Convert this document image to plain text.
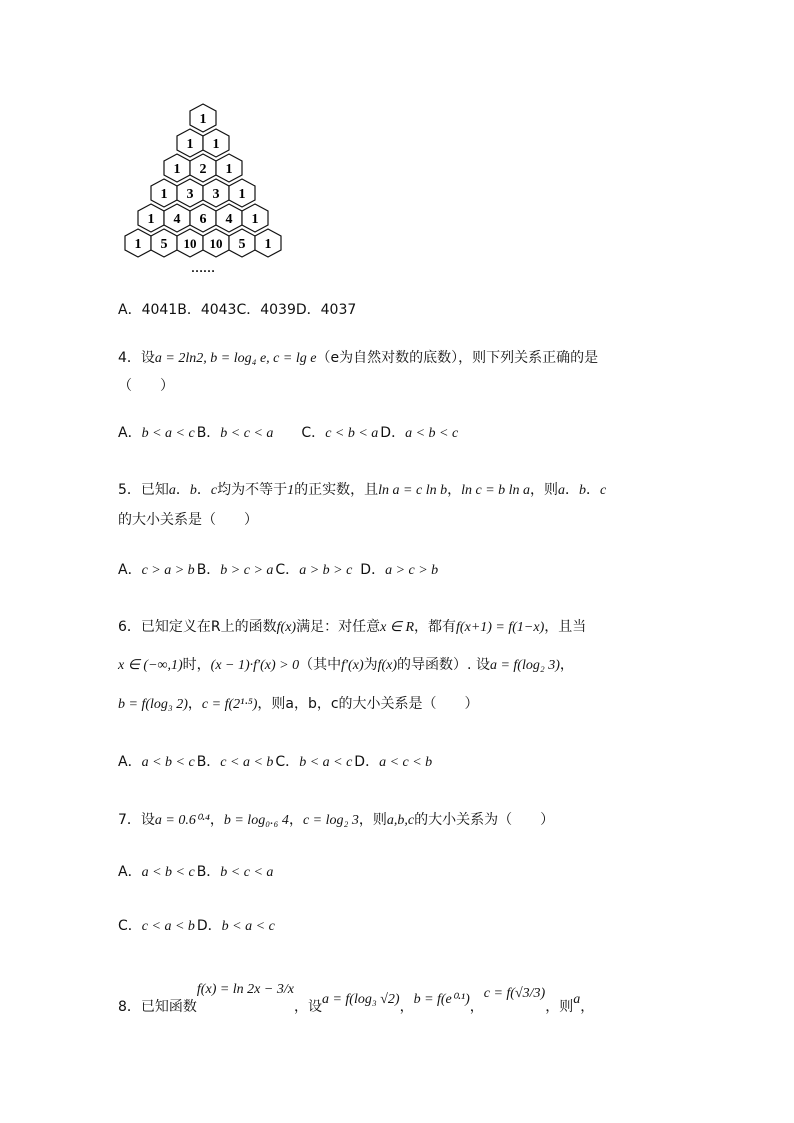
1
1 1
1 2 1
1 3 3 1
1 4 6 4 1
1 5 10 10 5 1
……
A．4041B．4043C．4039D．4037
4．设a = 2ln2, b = log₄ e, c = lg e（e为自然对数的底数），则下列关系正确的是
（　　）
A．b < a < c B．b < c < a C．c < b < a D．a < b < c
5．已知a．b．c均为不等于1的正实数，且ln a = c ln b，ln c = b ln a，则a．b．c
的大小关系是（　　）
A．c > a > b B．b > c > a C．a > b > c D．a > c > b
6．已知定义在R上的函数f(x)满足：对任意x ∈ R，都有f(x+1) = f(1−x)，且当
x ∈ (−∞,1)时，(x − 1)·f′(x) > 0（其中f′(x)为f(x)的导函数）. 设a = f(log₂ 3)，
b = f(log₃ 2)，c = f(2¹·⁵)，则a，b，c的大小关系是（　　）
A．a < b < c B．c < a < b C．b < a < c D．a < c < b
7．设a = 0.6⁰·⁴，b = log₀.₆ 4，c = log₂ 3，则a,b,c的大小关系为（　　）
A．a < b < c B．b < c < a
C．c < a < b D．b < a < c
8．已知函数f(x) = ln 2x − 3/x，设a = f(log₃ √2)，b = f(e⁰·¹)，c = f(√3/3)，则a，
